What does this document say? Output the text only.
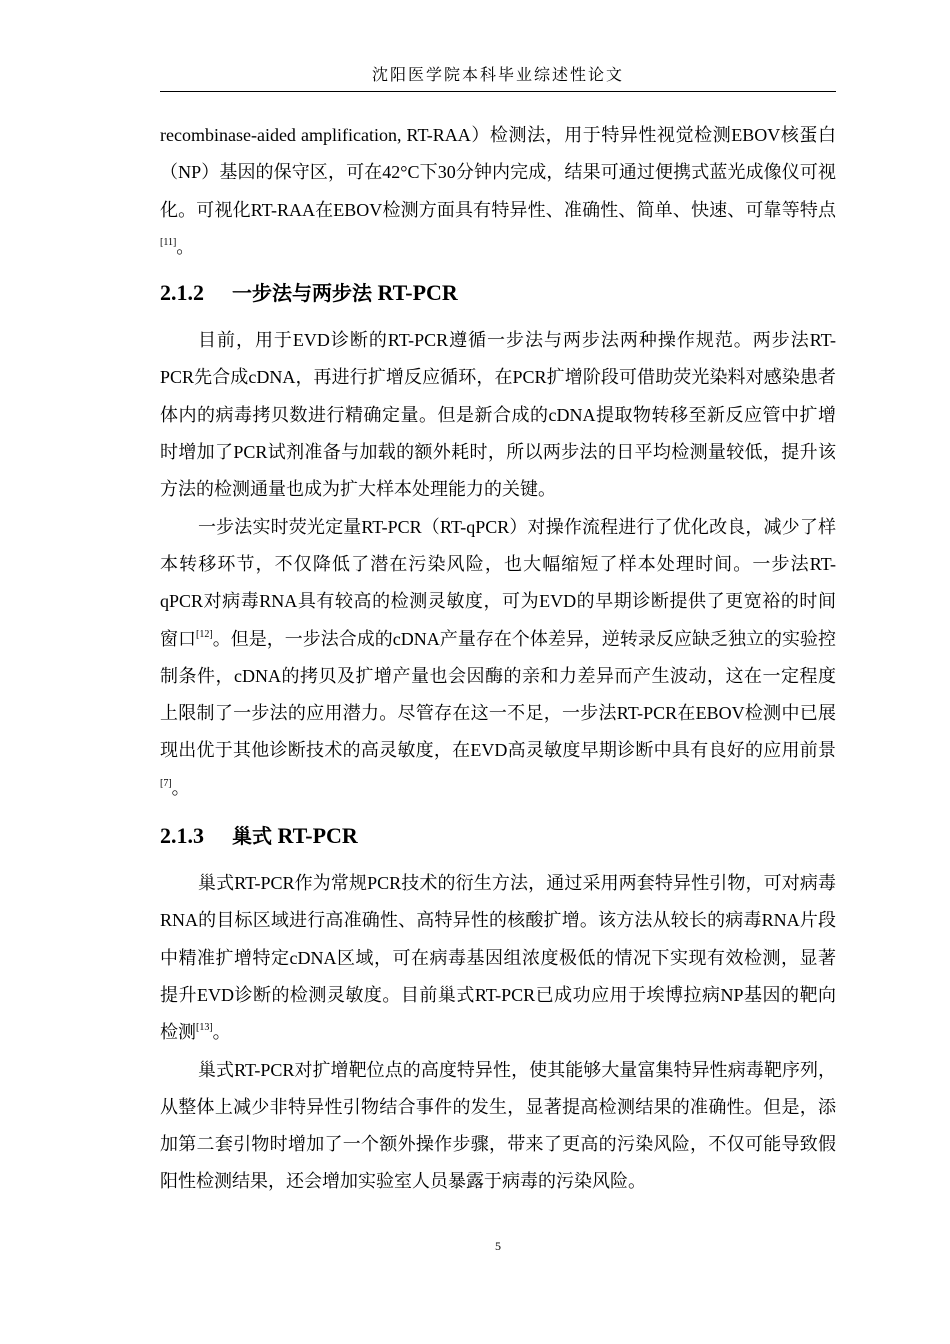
沈阳医学院本科毕业综述性论文

recombinase-aided amplification, RT-RAA）检测法，用于特异性视觉检测EBOV核蛋白（NP）基因的保守区，可在42°C下30分钟内完成，结果可通过便携式蓝光成像仪可视化。可视化RT-RAA在EBOV检测方面具有特异性、准确性、简单、快速、可靠等特点[11]。

2.1.2	一步法与两步法 RT-PCR

目前，用于EVD诊断的RT-PCR遵循一步法与两步法两种操作规范。两步法RT-PCR先合成cDNA，再进行扩增反应循环，在PCR扩增阶段可借助荧光染料对感染患者体内的病毒拷贝数进行精确定量。但是新合成的cDNA提取物转移至新反应管中扩增时增加了PCR试剂准备与加载的额外耗时，所以两步法的日平均检测量较低，提升该方法的检测通量也成为扩大样本处理能力的关键。

一步法实时荧光定量RT-PCR（RT-qPCR）对操作流程进行了优化改良，减少了样本转移环节，不仅降低了潜在污染风险，也大幅缩短了样本处理时间。一步法RT-qPCR对病毒RNA具有较高的检测灵敏度，可为EVD的早期诊断提供了更宽裕的时间窗口[12]。但是，一步法合成的cDNA产量存在个体差异，逆转录反应缺乏独立的实验控制条件，cDNA的拷贝及扩增产量也会因酶的亲和力差异而产生波动，这在一定程度上限制了一步法的应用潜力。尽管存在这一不足，一步法RT-PCR在EBOV检测中已展现出优于其他诊断技术的高灵敏度，在EVD高灵敏度早期诊断中具有良好的应用前景[7]。

2.1.3	巢式 RT-PCR

巢式RT-PCR作为常规PCR技术的衍生方法，通过采用两套特异性引物，可对病毒RNA的目标区域进行高准确性、高特异性的核酸扩增。该方法从较长的病毒RNA片段中精准扩增特定cDNA区域，可在病毒基因组浓度极低的情况下实现有效检测，显著提升EVD诊断的检测灵敏度。目前巢式RT-PCR已成功应用于埃博拉病NP基因的靶向检测[13]。

巢式RT-PCR对扩增靶位点的高度特异性，使其能够大量富集特异性病毒靶序列，从整体上减少非特异性引物结合事件的发生，显著提高检测结果的准确性。但是，添加第二套引物时增加了一个额外操作步骤，带来了更高的污染风险，不仅可能导致假阳性检测结果，还会增加实验室人员暴露于病毒的污染风险。

5
